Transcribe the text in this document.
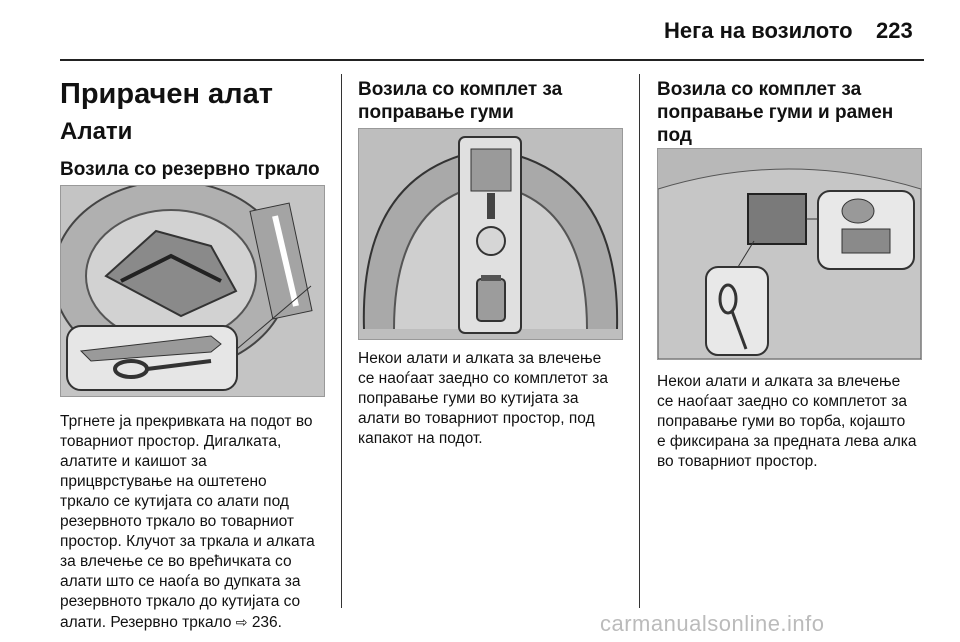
Нега на возилото 223
Прирачен алат
Алати
Возила со резервно тркало

Тргнете ја прекривката на подот во

товарниот простор. Дигалката,

алатите и каишот за

прицврстување на оштетено

тркало се кутијата со алати под

резервното тркало во товарниот

простор. Клучот за тркала и алката

за влечење се во врећичката со

алати што се наоѓа во дупката за

резервното тркало до кутијата со

алати. Резервно тркало ⇨ 236.

Возила со комплет за
поправање гуми

Некои алати и алката за влечење

се наоѓаат заедно со комплетот за

поправање гуми во кутијата за

алати во товарниот простор, под

капакот на подот.

Возила со комплет за
поправање гуми и рамен под

Некои алати и алката за влечење

се наоѓаат заедно со комплетот за

поправање гуми во торба, којашто

е фиксирана за предната лева алка

во товарниот простор.

carmanualsonline.info
